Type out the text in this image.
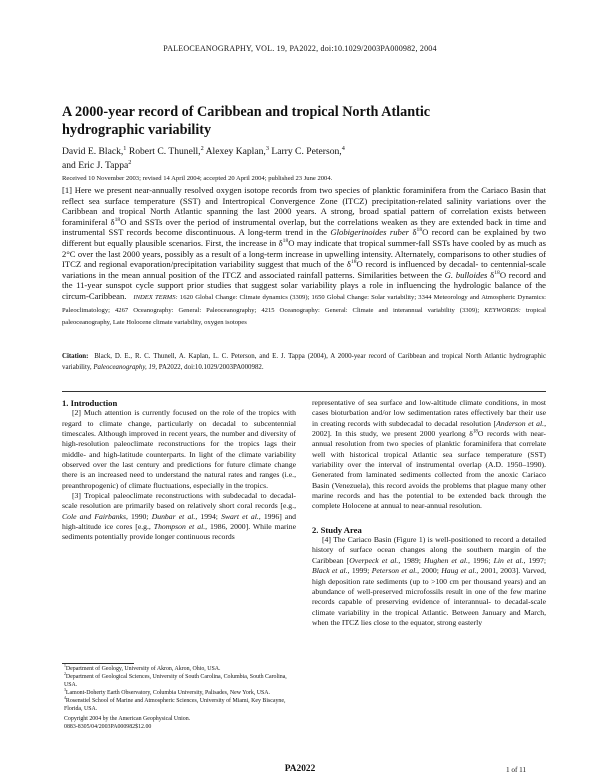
PALEOCEANOGRAPHY, VOL. 19, PA2022, doi:10.1029/2003PA000982, 2004
A 2000-year record of Caribbean and tropical North Atlantic
hydrographic variability
David E. Black,$^1$ Robert C. Thunell,$^2$ Alexey Kaplan,$^3$ Larry C. Peterson,$^4$
and Eric J. Tappa$^2$
Received 10 November 2003; revised 14 April 2004; accepted 20 April 2004; published 23 June 2004.
[1] Here we present near-annually resolved oxygen isotope records from two species of planktic foraminifera from the Cariaco Basin that reflect sea surface temperature (SST) and Intertropical Convergence Zone (ITCZ) precipitation-related salinity variations over the Caribbean and tropical North Atlantic spanning the last 2000 years. A strong, broad spatial pattern of correlation exists between foraminiferal $\delta^{18}O$ and SSTs over the period of instrumental overlap, but the correlations weaken as they are extended back in time and instrumental SST records become discontinuous. A long-term trend in the Globigerinoides ruber $\delta^{18}O$ record can be explained by two different but equally plausible scenarios. First, the increase in $\delta^{18}O$ may indicate that tropical summer-fall SSTs have cooled by as much as 2°C over the last 2000 years, possibly as a result of a long-term increase in upwelling intensity. Alternately, comparisons to other studies of ITCZ and regional evaporation/precipitation variability suggest that much of the $\delta^{18}O$ record is influenced by decadal- to centennial-scale variations in the mean annual position of the ITCZ and associated rainfall patterns. Similarities between the G. bulloides $\delta^{18}O$ record and the 11-year sunspot cycle support prior studies that suggest solar variability plays a role in influencing the hydrologic balance of the circum-Caribbean. INDEX TERMS: 1620 Global Change: Climate dynamics (3309); 1650 Global Change: Solar variability; 3344 Meteorology and Atmospheric Dynamics: Paleoclimatology; 4267 Oceanography: General: Paleoceanography; 4215 Oceanography: General: Climate and interannual variability (3309); KEYWORDS: tropical paleoceanography, Late Holocene climate variability, oxygen isotopes
Citation: Black, D. E., R. C. Thunell, A. Kaplan, L. C. Peterson, and E. J. Tappa (2004), A 2000-year record of Caribbean and tropical North Atlantic hydrographic variability, Paleoceanography, 19, PA2022, doi:10.1029/2003PA000982.

1. Introduction

[2] Much attention is currently focused on the role of the tropics with regard to climate change, particularly on decadal to subcentennial timescales. Although improved in recent years, the number and diversity of high-resolution paleoclimate reconstructions for the tropics lags their middle- and high-latitude counterparts. In light of the climate variability observed over the last century and predictions for future climate change there is an increased need to understand the natural rates and ranges (i.e., preanthropogenic) of climate fluctuations, especially in the tropics.

[3] Tropical paleoclimate reconstructions with subdecadal to decadal-scale resolution are primarily based on relatively short coral records [e.g., Cole and Fairbanks, 1990; Dunbar et al., 1994; Swart et al., 1996] and high-altitude ice cores [e.g., Thompson et al., 1986, 2000]. While marine sediments potentially provide longer continuous records

$^1$Department of Geology, University of Akron, Akron, Ohio, USA.

$^2$Department of Geological Sciences, University of South Carolina, Columbia, South Carolina, USA.

$^3$Lamont-Doherty Earth Observatory, Columbia University, Palisades, New York, USA.

$^4$Rosenstiel School of Marine and Atmospheric Sciences, University of Miami, Key Biscayne, Florida, USA.

Copyright 2004 by the American Geophysical Union.

0883-8305/04/2003PA000982$12.00

representative of sea surface and low-altitude climate conditions, in most cases bioturbation and/or low sedimentation rates effectively bar their use in creating records with subdecadal to decadal resolution [Anderson et al., 2002]. In this study, we present 2000 yearlong $\delta^{18}O$ records with near-annual resolution from two species of planktic foraminifera that correlate well with historical tropical Atlantic sea surface temperature (SST) variability over the interval of instrumental overlap (A.D. 1950–1990). Generated from laminated sediments collected from the anoxic Cariaco Basin (Venezuela), this record avoids the problems that plague many other marine records and has the potential to be extended back through the complete Holocene at annual to near-annual resolution.

2. Study Area

[4] The Cariaco Basin (Figure 1) is well-positioned to record a detailed history of surface ocean changes along the southern margin of the Caribbean [Overpeck et al., 1989; Hughen et al., 1996; Lin et al., 1997; Black et al., 1999; Peterson et al., 2000; Haug et al., 2001, 2003]. Varved, high deposition rate sediments (up to >100 cm per thousand years) and an abundance of well-preserved microfossils result in one of the few marine records capable of preserving evidence of interannual- to decadal-scale climate variability in the tropical Atlantic. Between January and March, when the ITCZ lies close to the equator, strong easterly

PA2022	1 of 11
